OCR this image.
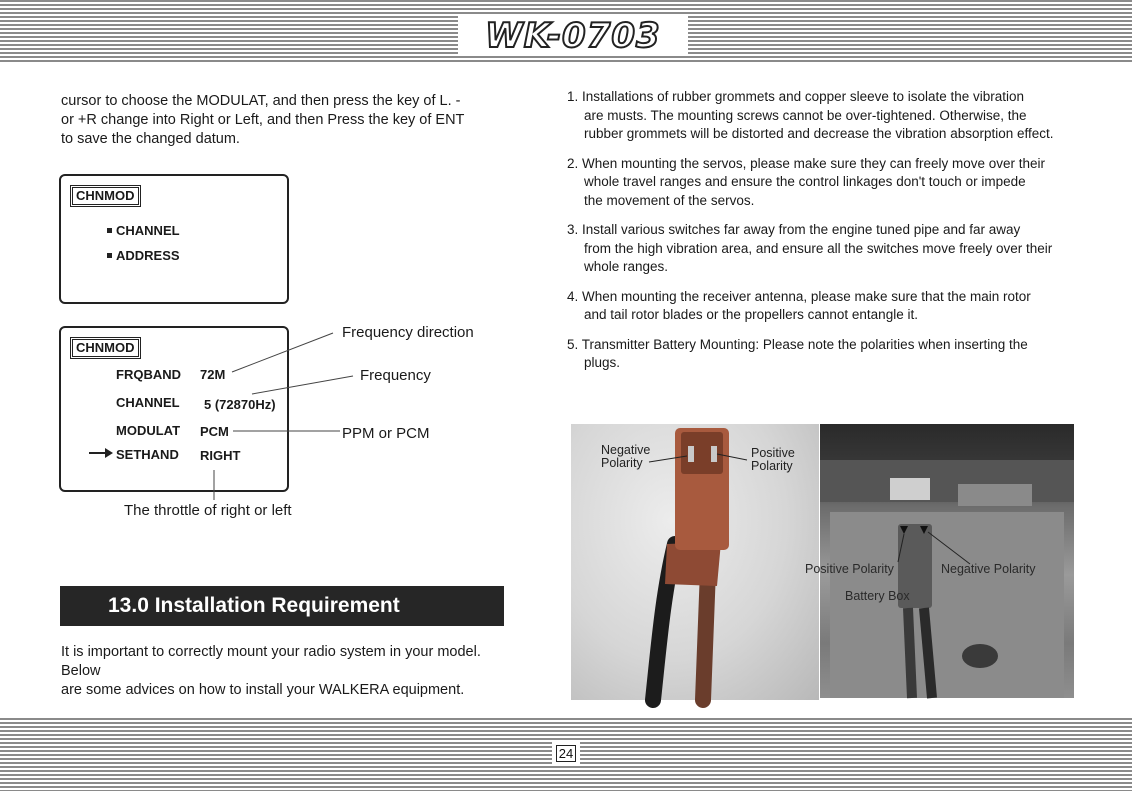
WK-0703
24

cursor to choose the MODULAT, and then press the key of L. -
or +R change into Right or Left, and then Press the key of ENT
to save the changed datum.

CHNMOD
CHANNEL
ADDRESS
CHNMOD
FRQBAND 72M
CHANNEL 5 (72870Hz)
MODULAT PCM
SETHAND RIGHT
Frequency direction
Frequency
PPM or PCM
The throttle of right or left
13.0 Installation Requirement

It is important to correctly mount your radio system in your model. Below
are some advices on how to install your WALKERA equipment.

1. Installations of rubber grommets and copper sleeve to isolate the vibration
are musts. The mounting screws cannot be over-tightened. Otherwise, the
rubber grommets will be distorted and decrease the vibration absorption effect.
2. When mounting the servos, please make sure they can freely move over their
whole travel ranges and ensure the control linkages don't touch or impede
the movement of the servos.
3. Install various switches far away from the engine tuned pipe and far away
from the high vibration area, and ensure all the switches move freely over their
whole ranges.
4. When mounting the receiver antenna, please make sure that the main rotor
and tail rotor blades or the propellers cannot entangle it.
5. Transmitter Battery Mounting: Please note the polarities when inserting the
plugs.
Negative
Polarity
Positive
Polarity
Positive Polarity	Negative Polarity
Battery Box
